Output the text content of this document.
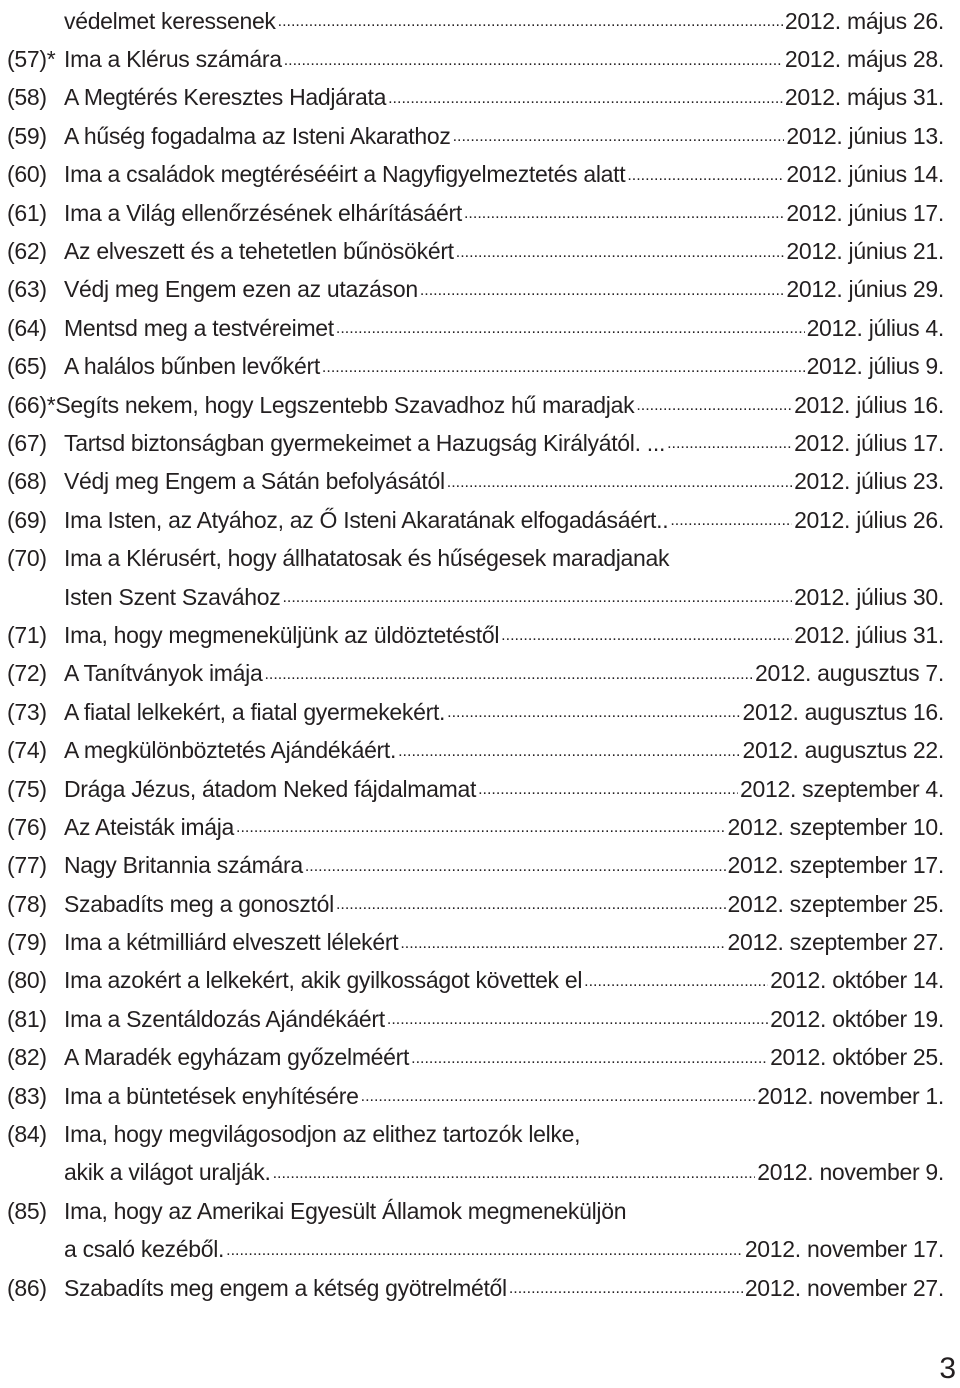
védelmet keressenek .....	2012. május 26.
(57)* Ima a Klérus számára .....	2012. május 28.
(58) A Megtérés Keresztes Hadjárata .....	2012. május 31.
(59) A hűség fogadalma az Isteni Akarathoz .....	2012. június 13.
(60) Ima a családok megtérésééirt a Nagyfigyelmeztetés alatt .....	2012. június 14.
(61) Ima a Világ ellenőrzésének elhárításáért .....	2012. június 17.
(62) Az elveszett és a tehetetlen bűnösökért .....	2012. június 21.
(63) Védj meg Engem ezen az utazáson .....	2012. június 29.
(64) Mentsd meg a testvéreimet .....	2012. július 4.
(65) A halálos bűnben levőkért .....	2012. július 9.
(66)* Segíts nekem, hogy Legszentebb Szavadhoz hű maradjak .....	2012. július 16.
(67) Tartsd biztonságban gyermekeimet a Hazugság Királyától. ... .....	2012. július 17.
(68) Védj meg Engem a Sátán befolyásától .....	2012. július 23.
(69) Ima Isten, az Atyához, az Ő Isteni Akaratának elfogadásáért.. .....	2012. július 26.
(70) Ima a Klérusért, hogy állhatatosak és hűségesek maradjanak
Isten Szent Szavához .....	2012. július 30.
(71) Ima, hogy megmeneküljünk az üldöztetéstől .....	2012. július 31.
(72) A Tanítványok imája .....	2012. augusztus 7.
(73) A fiatal lelkekért, a fiatal gyermekekért. .....	2012. augusztus 16.
(74) A megkülönböztetés Ajándékáért. .....	2012. augusztus 22.
(75) Drága Jézus, átadom Neked fájdalmamat .....	2012. szeptember 4.
(76) Az Ateisták imája .....	2012. szeptember 10.
(77) Nagy Britannia számára .....	2012. szeptember 17.
(78) Szabadíts meg a gonosztól .....	2012. szeptember 25.
(79) Ima a kétmilliárd elveszett lélekért .....	2012. szeptember 27.
(80) Ima azokért a lelkekért, akik gyilkosságot követtek el .....	2012. október 14.
(81) Ima a Szentáldozás Ajándékáért .....	2012. október 19.
(82) A Maradék egyházam győzelméért .....	2012. október 25.
(83) Ima a büntetések enyhítésére .....	2012. november 1.
(84) Ima, hogy megvilágosodjon az elithez tartozók lelke,
akik a világot uralják. .....	2012. november 9.
(85) Ima, hogy az Amerikai Egyesült Államok megmeneküljön
a csaló kezéből. .....	2012. november 17.
(86) Szabadíts meg engem a kétség gyötrelmétől .....	2012. november 27.
3
